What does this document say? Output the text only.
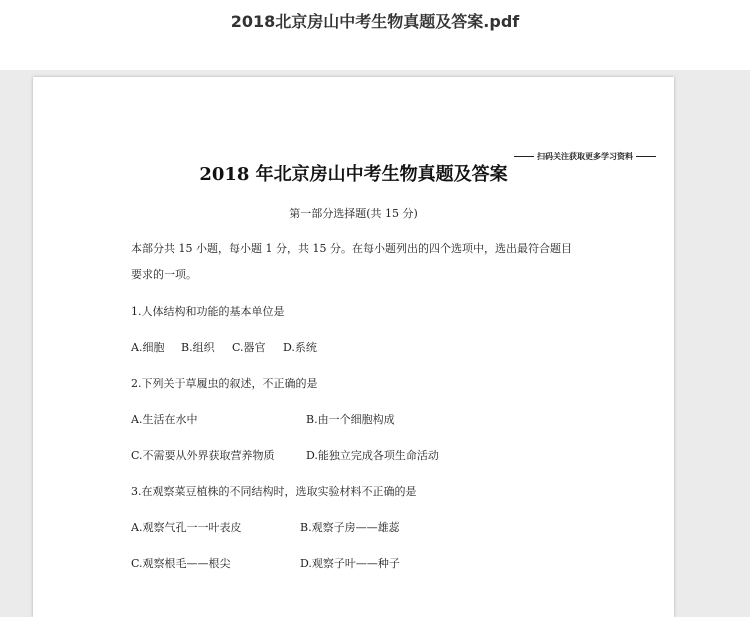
2018北京房山中考生物真题及答案.pdf
扫码关注获取更多学习资料
2018 年北京房山中考生物真题及答案
第一部分选择题(共 15 分)
本部分共 15 小题，每小题 1 分，共 15 分。在每小题列出的四个选项中，选出最符合题目
要求的一项。
1.人体结构和功能的基本单位是
A.细胞 B.组织 C.器官 D.系统
2.下列关于草履虫的叙述，不正确的是
A.生活在水中	B.由一个细胞构成
C.不需要从外界获取营养物质	D.能独立完成各项生命活动
3.在观察菜豆植株的不同结构时，选取实验材料不正确的是
A.观察气孔一一叶表皮	B.观察子房——雄蕊
C.观察根毛——根尖	D.观察子叶——种子
